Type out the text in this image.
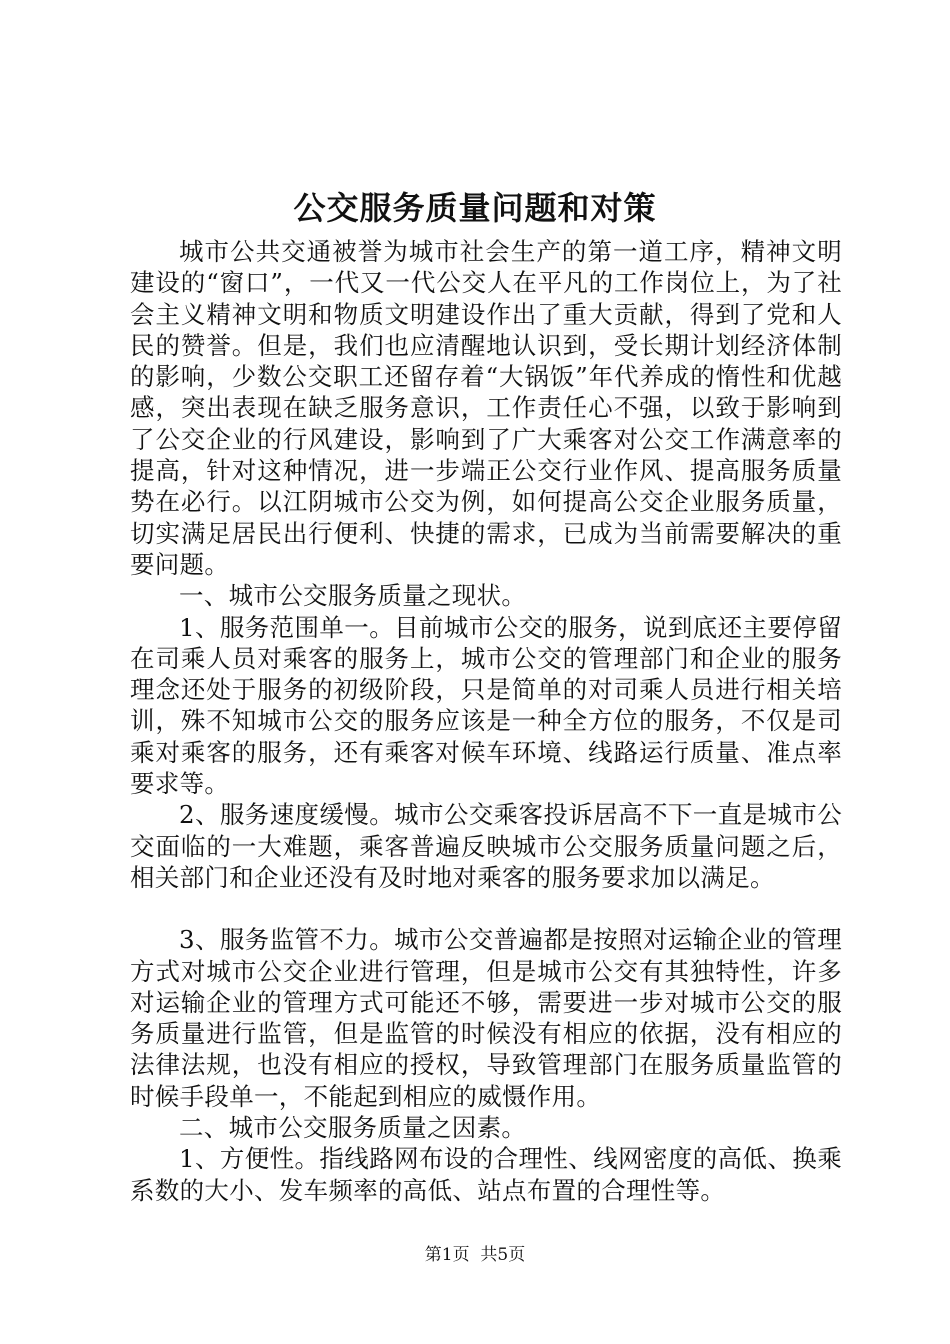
公交服务质量问题和对策

城市公共交通被誉为城市社会生产的第一道工序，精神文明建设的“窗口”，一代又一代公交人在平凡的工作岗位上，为了社会主义精神文明和物质文明建设作出了重大贡献，得到了党和人民的赞誉。但是，我们也应清醒地认识到，受长期计划经济体制的影响，少数公交职工还留存着“大锅饭”年代养成的惰性和优越感，突出表现在缺乏服务意识，工作责任心不强，以致于影响到了公交企业的行风建设，影响到了广大乘客对公交工作满意率的提高，针对这种情况，进一步端正公交行业作风、提高服务质量势在必行。以江阴城市公交为例，如何提高公交企业服务质量，切实满足居民出行便利、快捷的需求，已成为当前需要解决的重要问题。

一、城市公交服务质量之现状。

1、服务范围单一。目前城市公交的服务，说到底还主要停留在司乘人员对乘客的服务上，城市公交的管理部门和企业的服务理念还处于服务的初级阶段，只是简单的对司乘人员进行相关培训，殊不知城市公交的服务应该是一种全方位的服务，不仅是司乘对乘客的服务，还有乘客对候车环境、线路运行质量、准点率要求等。

2、服务速度缓慢。城市公交乘客投诉居高不下一直是城市公交面临的一大难题，乘客普遍反映城市公交服务质量问题之后，相关部门和企业还没有及时地对乘客的服务要求加以满足。

3、服务监管不力。城市公交普遍都是按照对运输企业的管理方式对城市公交企业进行管理，但是城市公交有其独特性，许多对运输企业的管理方式可能还不够，需要进一步对城市公交的服务质量进行监管，但是监管的时候没有相应的依据，没有相应的法律法规，也没有相应的授权，导致管理部门在服务质量监管的时候手段单一，不能起到相应的威慑作用。

二、城市公交服务质量之因素。

1、方便性。指线路网布设的合理性、线网密度的高低、换乘系数的大小、发车频率的高低、站点布置的合理性等。

第1页 共5页
